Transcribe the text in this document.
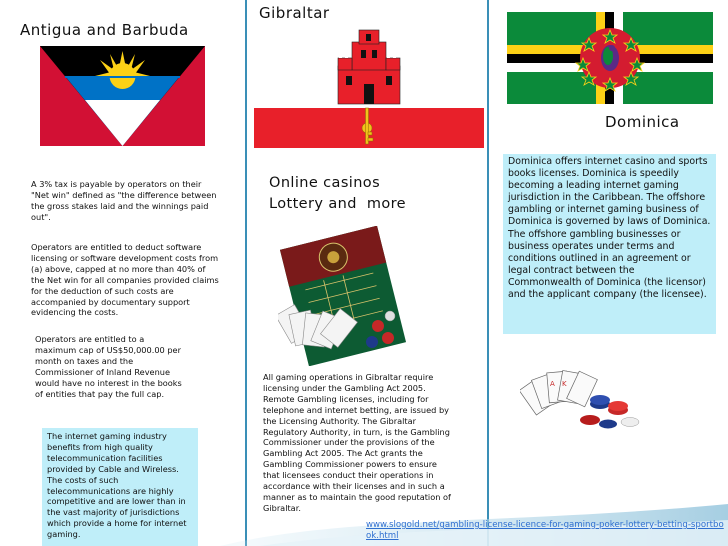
Antigua and Barbuda
A 3% tax is payable by operators on their "Net win" defined as "the difference between the gross stakes laid and the winnings paid out".
Operators are entitled to deduct software licensing or software development costs from (a) above, capped at no more than 40% of the Net win for all companies provided claims for the deduction of such costs are accompanied by documentary support evidencing the costs.
Operators are entitled to a maximum cap of US$50,000.00 per month on taxes and the Commissioner of Inland Revenue would have no interest in the books of entities that pay the full cap.
The internet gaming industry benefits from high quality telecommunication facilities provided by Cable and Wireless. The costs of such telecommunications are highly competitive and are lower than in the vast majority of jurisdictions which provide a home for internet gaming.
Gibraltar
Online casinos
Lottery and  more
All gaming operations in Gibraltar require licensing under the Gambling Act 2005. Remote Gambling licenses, including for telephone and internet betting, are issued by the Licensing Authority. The Gibraltar Regulatory Authority, in turn, is the Gambling Commissioner under the provisions of the Gambling Act 2005. The Act grants the Gambling Commissioner powers to ensure that licensees conduct their operations in accordance with their licenses and in such a manner as to maintain the good reputation of Gibraltar.
Dominica
Dominica offers internet casino and sports books licenses. Dominica is speedily becoming a leading internet gaming jurisdiction in the Caribbean. The offshore gambling or internet gaming business of Dominica is governed by laws of Dominica. The offshore gambling businesses or business operates under terms and conditions outlined in an agreement or legal contract between the Commonwealth of Dominica (the licensor) and the applicant company (the licensee).
A K
www.slogold.net/gambling-license-licence-for-gaming-poker-lottery-betting-sportbook.html
